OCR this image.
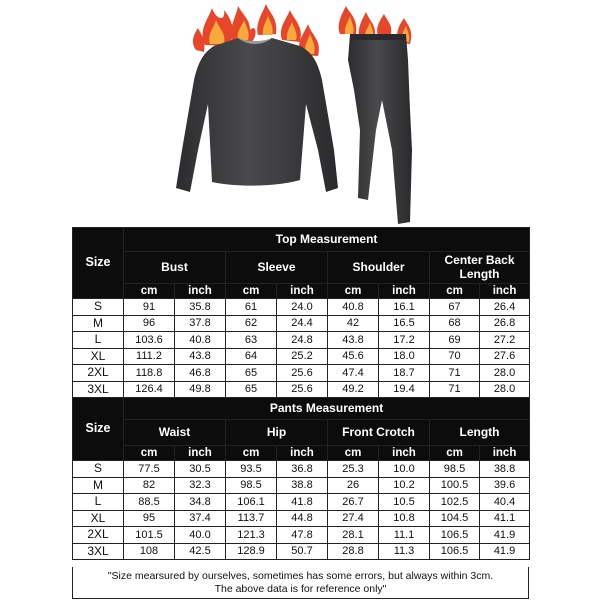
Size	Top Measurement							
	Bust		Sleeve		Shoulder		Center Back Length	
	cm	inch	cm	inch	cm	inch	cm	inch
S	91	35.8	61	24.0	40.8	16.1	67	26.4
M	96	37.8	62	24.4	42	16.5	68	26.8
L	103.6	40.8	63	24.8	43.8	17.2	69	27.2
XL	111.2	43.8	64	25.2	45.6	18.0	70	27.6
2XL	118.8	46.8	65	25.6	47.4	18.7	71	28.0
3XL	126.4	49.8	65	25.6	49.2	19.4	71	28.0
Size	Pants Measurement							
	Waist		Hip		Front Crotch		Length	
	cm	inch	cm	inch	cm	inch	cm	inch
S	77.5	30.5	93.5	36.8	25.3	10.0	98.5	38.8
M	82	32.3	98.5	38.8	26	10.2	100.5	39.6
L	88.5	34.8	106.1	41.8	26.7	10.5	102.5	40.4
XL	95	37.4	113.7	44.8	27.4	10.8	104.5	41.1
2XL	101.5	40.0	121.3	47.8	28.1	11.1	106.5	41.9
3XL	108	42.5	128.9	50.7	28.8	11.3	106.5	41.9
"Size mearsured by ourselves, sometimes has some errors, but always within 3cm.
The above data is for reference only"
